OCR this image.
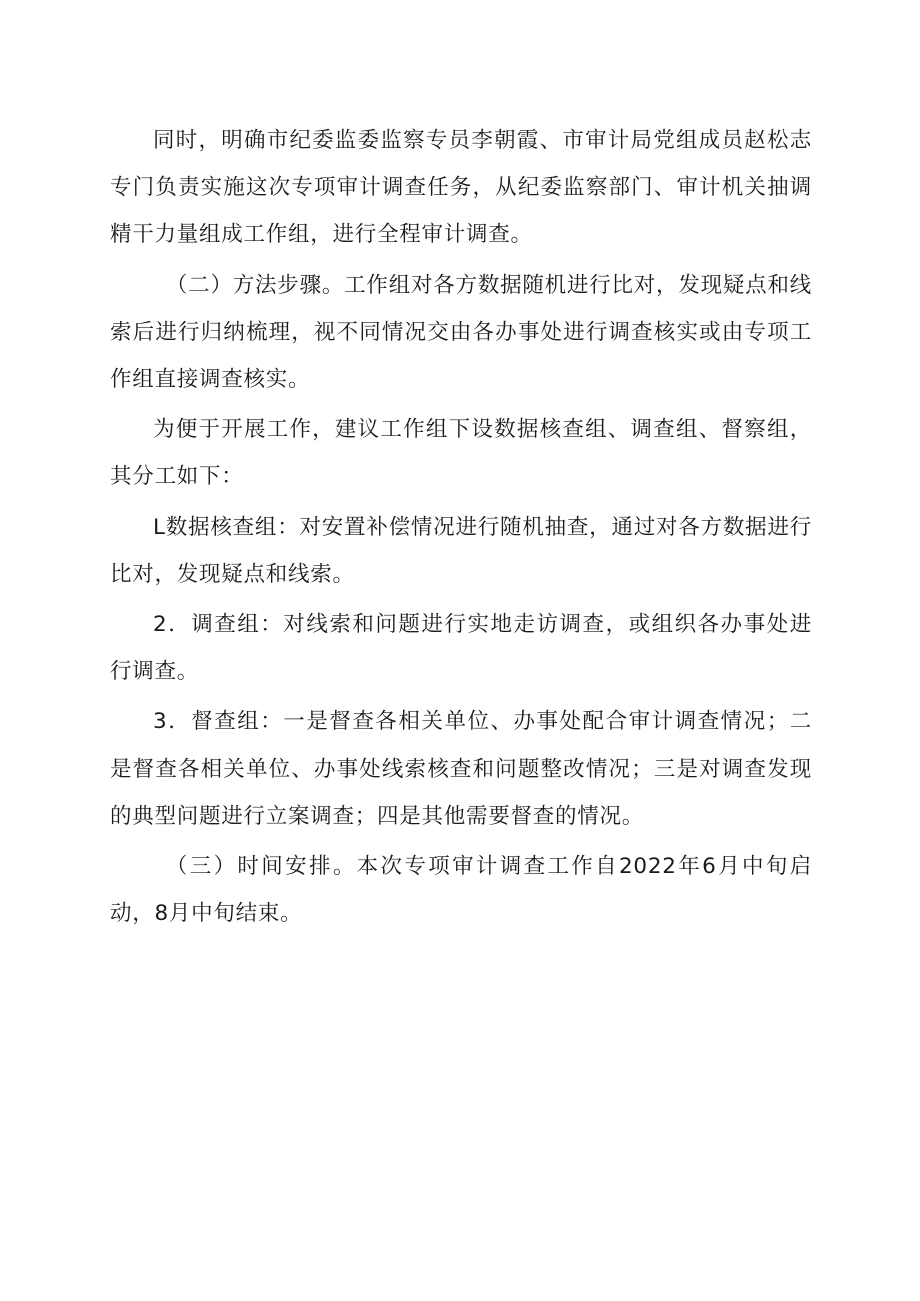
同时，明确市纪委监委监察专员李朝霞、市审计局党组成员赵松志专门负责实施这次专项审计调查任务，从纪委监察部门、审计机关抽调精干力量组成工作组，进行全程审计调查。

（二）方法步骤。工作组对各方数据随机进行比对，发现疑点和线索后进行归纳梳理，视不同情况交由各办事处进行调查核实或由专项工作组直接调查核实。

为便于开展工作，建议工作组下设数据核查组、调查组、督察组，其分工如下：

L数据核查组：对安置补偿情况进行随机抽查，通过对各方数据进行比对，发现疑点和线索。

2．调查组：对线索和问题进行实地走访调查，或组织各办事处进行调查。

3．督查组：一是督查各相关单位、办事处配合审计调查情况；二是督查各相关单位、办事处线索核查和问题整改情况；三是对调查发现的典型问题进行立案调查；四是其他需要督查的情况。

（三）时间安排。本次专项审计调查工作自2022年6月中旬启动，8月中旬结束。
